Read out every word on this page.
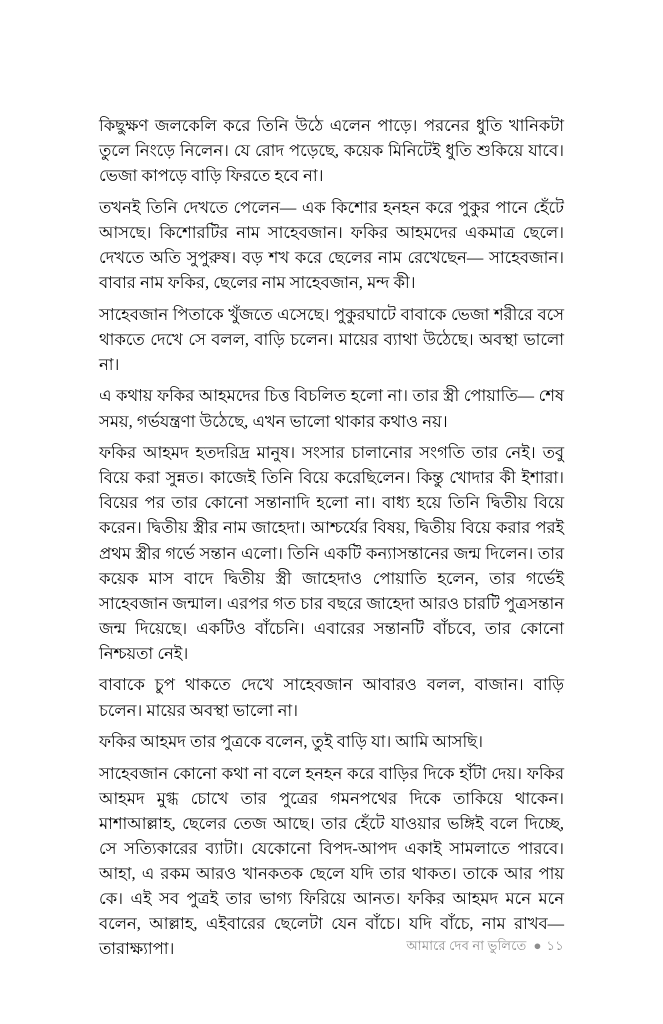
কিছুক্ষণ জলকেলি করে তিনি উঠে এলেন পাড়ে। পরনের ধুতি খানিকটা তুলে নিংড়ে নিলেন। যে রোদ পড়েছে, কয়েক মিনিটেই ধুতি শুকিয়ে যাবে। ভেজা কাপড়ে বাড়ি ফিরতে হবে না।

তখনই তিনি দেখতে পেলেন— এক কিশোর হনহন করে পুকুর পানে হেঁটে আসছে। কিশোরটির নাম সাহেবজান। ফকির আহমদের একমাত্র ছেলে। দেখতে অতি সুপুরুষ। বড় শখ করে ছেলের নাম রেখেছেন— সাহেবজান। বাবার নাম ফকির, ছেলের নাম সাহেবজান, মন্দ কী।

সাহেবজান পিতাকে খুঁজতে এসেছে। পুকুরঘাটে বাবাকে ভেজা শরীরে বসে থাকতে দেখে সে বলল, বাড়ি চলেন। মায়ের ব্যাথা উঠেছে। অবস্থা ভালো না।

এ কথায় ফকির আহমদের চিত্ত বিচলিত হলো না। তার স্ত্রী পোয়াতি— শেষ সময়, গর্ভযন্ত্রণা উঠেছে, এখন ভালো থাকার কথাও নয়।

ফকির আহমদ হতদরিদ্র মানুষ। সংসার চালানোর সংগতি তার নেই। তবু বিয়ে করা সুন্নত। কাজেই তিনি বিয়ে করেছিলেন। কিন্তু খোদার কী ইশারা। বিয়ের পর তার কোনো সন্তানাদি হলো না। বাধ্য হয়ে তিনি দ্বিতীয় বিয়ে করেন। দ্বিতীয় স্ত্রীর নাম জাহেদা। আশ্চর্যের বিষয়, দ্বিতীয় বিয়ে করার পরই প্রথম স্ত্রীর গর্ভে সন্তান এলো। তিনি একটি কন্যাসন্তানের জন্ম দিলেন। তার কয়েক মাস বাদে দ্বিতীয় স্ত্রী জাহেদাও পোয়াতি হলেন, তার গর্ভেই সাহেবজান জন্মাল। এরপর গত চার বছরে জাহেদা আরও চারটি পুত্রসন্তান জন্ম দিয়েছে। একটিও বাঁচেনি। এবারের সন্তানটি বাঁচবে, তার কোনো নিশ্চয়তা নেই।

বাবাকে চুপ থাকতে দেখে সাহেবজান আবারও বলল, বাজান। বাড়ি চলেন। মায়ের অবস্থা ভালো না।

ফকির আহমদ তার পুত্রকে বলেন, তুই বাড়ি যা। আমি আসছি।

সাহেবজান কোনো কথা না বলে হনহন করে বাড়ির দিকে হাঁটা দেয়। ফকির আহমদ মুগ্ধ চোখে তার পুত্রের গমনপথের দিকে তাকিয়ে থাকেন। মাশাআল্লাহ, ছেলের তেজ আছে। তার হেঁটে যাওয়ার ভঙ্গিই বলে দিচ্ছে, সে সত্যিকারের ব্যাটা। যেকোনো বিপদ-আপদ একাই সামলাতে পারবে। আহা, এ রকম আরও খানকতক ছেলে যদি তার থাকত। তাকে আর পায় কে। এই সব পুত্রই তার ভাগ্য ফিরিয়ে আনত। ফকির আহমদ মনে মনে বলেন, আল্লাহ, এইবারের ছেলেটা যেন বাঁচে। যদি বাঁচে, নাম রাখব— তারাক্ষ্যাপা।	আমারে দেব না ভুলিতে ● ১১
